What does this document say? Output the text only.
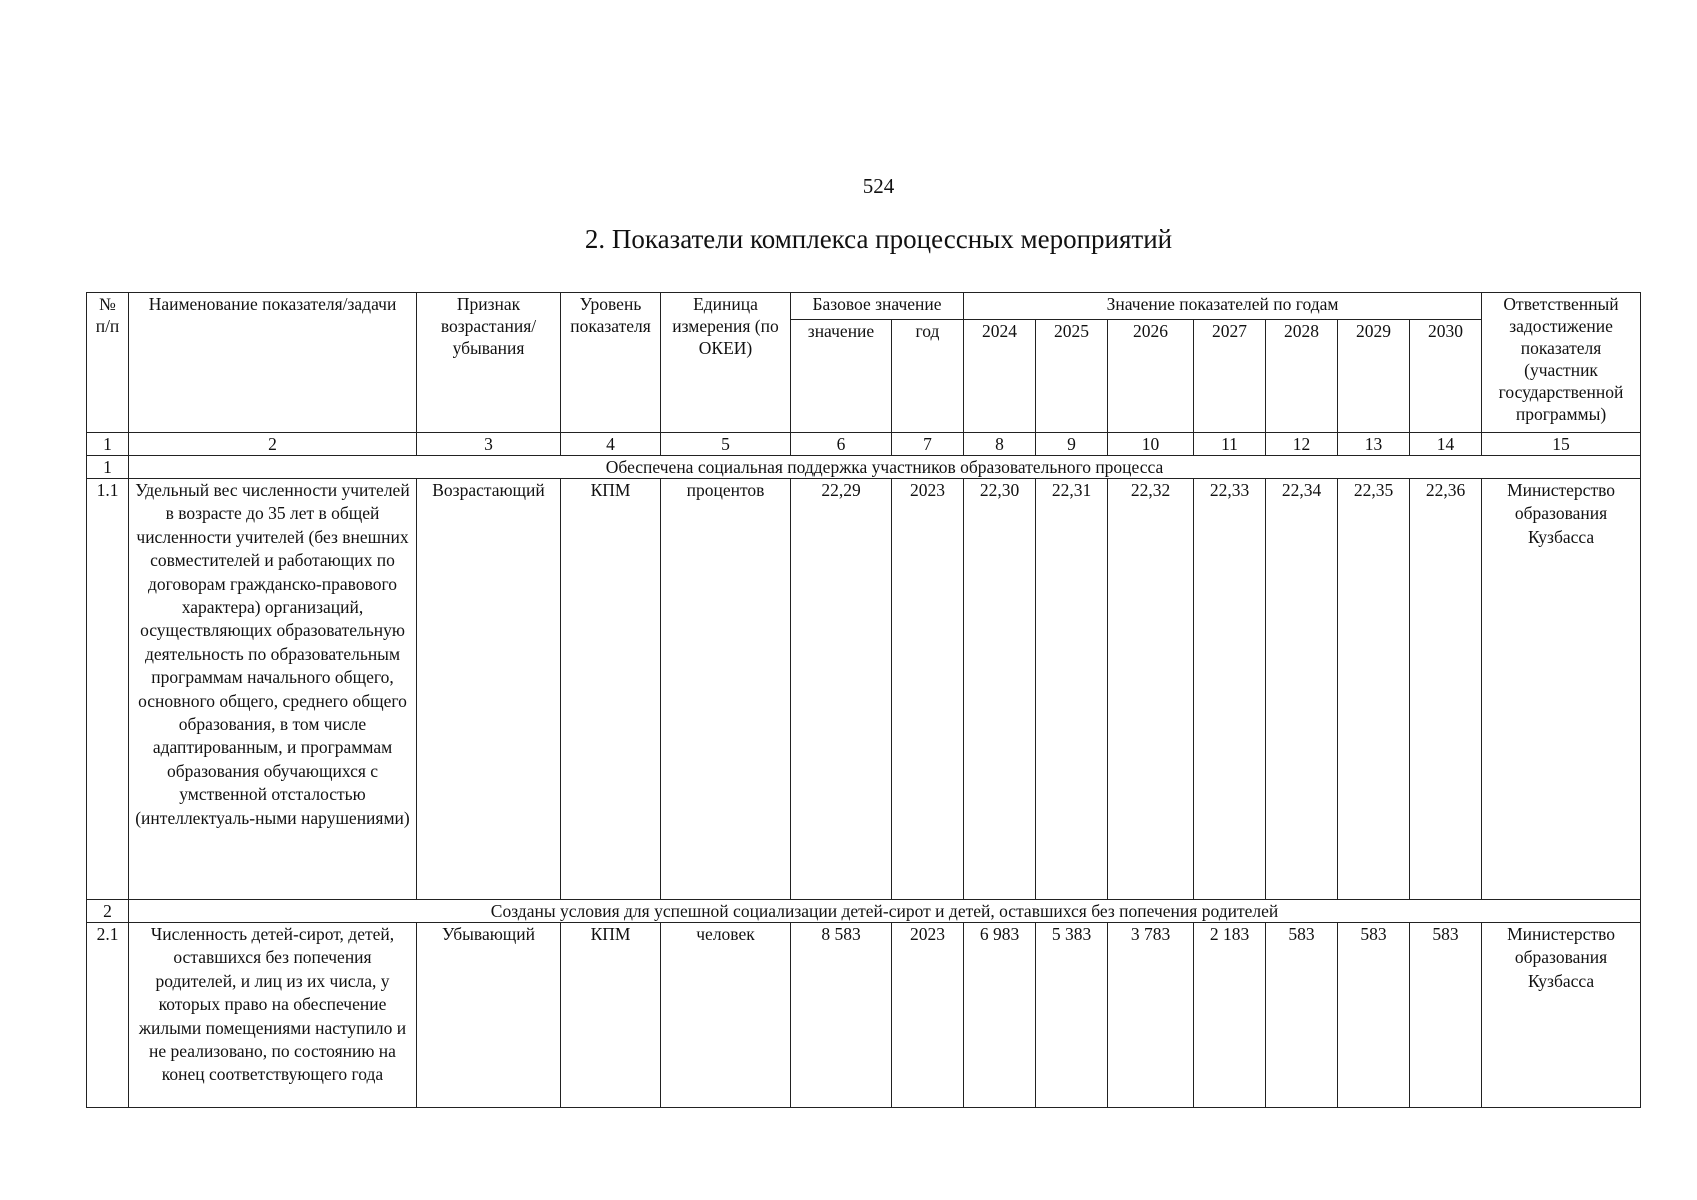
524
2. Показатели комплекса процессных мероприятий
№ п/п	Наименование показателя/задачи	Признак возрастания/ убывания	Уровень показателя	Единица измерения (по ОКЕИ)	Базовое значение		Значение показателей по годам							Ответственный задостижение показателя (участник государственной программы)
					значение	год	2024	2025	2026	2027	2028	2029	2030	
1	2	3	4	5	6	7	8	9	10	11	12	13	14	15
1	Обеспечена социальная поддержка участников образовательного процесса													
1.1	Удельный вес численности учителей в возрасте до 35 лет в общей численности учителей (без внешних совместителей и работающих по договорам гражданско-правового характера) организаций, осуществляющих образовательную деятельность по образовательным программам начального общего, основного общего, среднего общего образования, в том числе адаптированным, и программам образования обучающихся с умственной отсталостью (интеллектуаль-ными нарушениями)	Возрастающий	КПМ	процентов	22,29	2023	22,30	22,31	22,32	22,33	22,34	22,35	22,36	Министерство образования Кузбасса
2	Созданы условия для успешной социализации детей-сирот и детей, оставшихся без попечения родителей													
2.1	Численность детей-сирот, детей, оставшихся без попечения родителей, и лиц из их числа, у которых право на обеспечение жилыми помещениями наступило и не реализовано, по состоянию на конец соответствующего года	Убывающий	КПМ	человек	8 583	2023	6 983	5 383	3 783	2 183	583	583	583	Министерство образования Кузбасса
